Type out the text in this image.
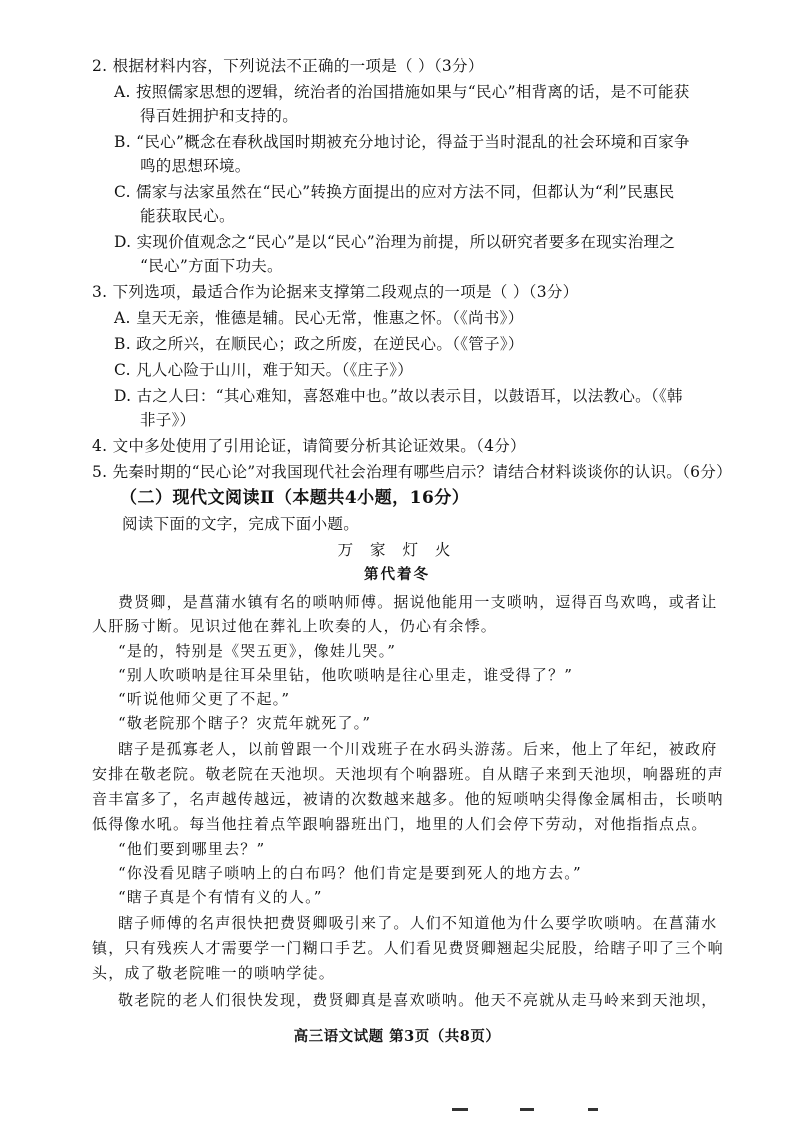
2. 根据材料内容，下列说法不正确的一项是（ ）（3分）
A. 按照儒家思想的逻辑，统治者的治国措施如果与“民心”相背离的话，是不可能获
得百姓拥护和支持的。
B. “民心”概念在春秋战国时期被充分地讨论，得益于当时混乱的社会环境和百家争
鸣的思想环境。
C. 儒家与法家虽然在“民心”转换方面提出的应对方法不同，但都认为“利”民惠民
能获取民心。
D. 实现价值观念之“民心”是以“民心”治理为前提，所以研究者要多在现实治理之
“民心”方面下功夫。
3. 下列选项，最适合作为论据来支撑第二段观点的一项是（ ）（3分）
A. 皇天无亲，惟德是辅。民心无常，惟惠之怀。（《尚书》）
B. 政之所兴，在顺民心；政之所废，在逆民心。（《管子》）
C. 凡人心险于山川，难于知天。（《庄子》）
D. 古之人曰：“其心难知，喜怒难中也。”故以表示目，以鼓语耳，以法教心。（《韩
非子》）
4. 文中多处使用了引用论证，请简要分析其论证效果。（4分）
5. 先秦时期的“民心论”对我国现代社会治理有哪些启示？请结合材料谈谈你的认识。（6分）
（二）现代文阅读Ⅱ（本题共4小题，16分）
阅读下面的文字，完成下面小题。
万 家 灯 火
第代着冬
费贤卿，是菖蒲水镇有名的唢呐师傅。据说他能用一支唢呐，逗得百鸟欢鸣，或者让
人肝肠寸断。见识过他在葬礼上吹奏的人，仍心有余悸。
“是的，特别是《哭五更》，像娃儿哭。”
“别人吹唢呐是往耳朵里钻，他吹唢呐是往心里走，谁受得了？”
“听说他师父更了不起。”
“敬老院那个瞎子？灾荒年就死了。”
瞎子是孤寡老人，以前曾跟一个川戏班子在水码头游荡。后来，他上了年纪，被政府
安排在敬老院。敬老院在天池坝。天池坝有个响器班。自从瞎子来到天池坝，响器班的声
音丰富多了，名声越传越远，被请的次数越来越多。他的短唢呐尖得像金属相击，长唢呐
低得像水吼。每当他拄着点竿跟响器班出门，地里的人们会停下劳动，对他指指点点。
“他们要到哪里去？”
“你没看见瞎子唢呐上的白布吗？他们肯定是要到死人的地方去。”
“瞎子真是个有情有义的人。”
瞎子师傅的名声很快把费贤卿吸引来了。人们不知道他为什么要学吹唢呐。在菖蒲水
镇，只有残疾人才需要学一门糊口手艺。人们看见费贤卿翘起尖屁股，给瞎子叩了三个响
头，成了敬老院唯一的唢呐学徒。
敬老院的老人们很快发现，费贤卿真是喜欢唢呐。他天不亮就从走马岭来到天池坝，
高三语文试题 第3页（共8页）
